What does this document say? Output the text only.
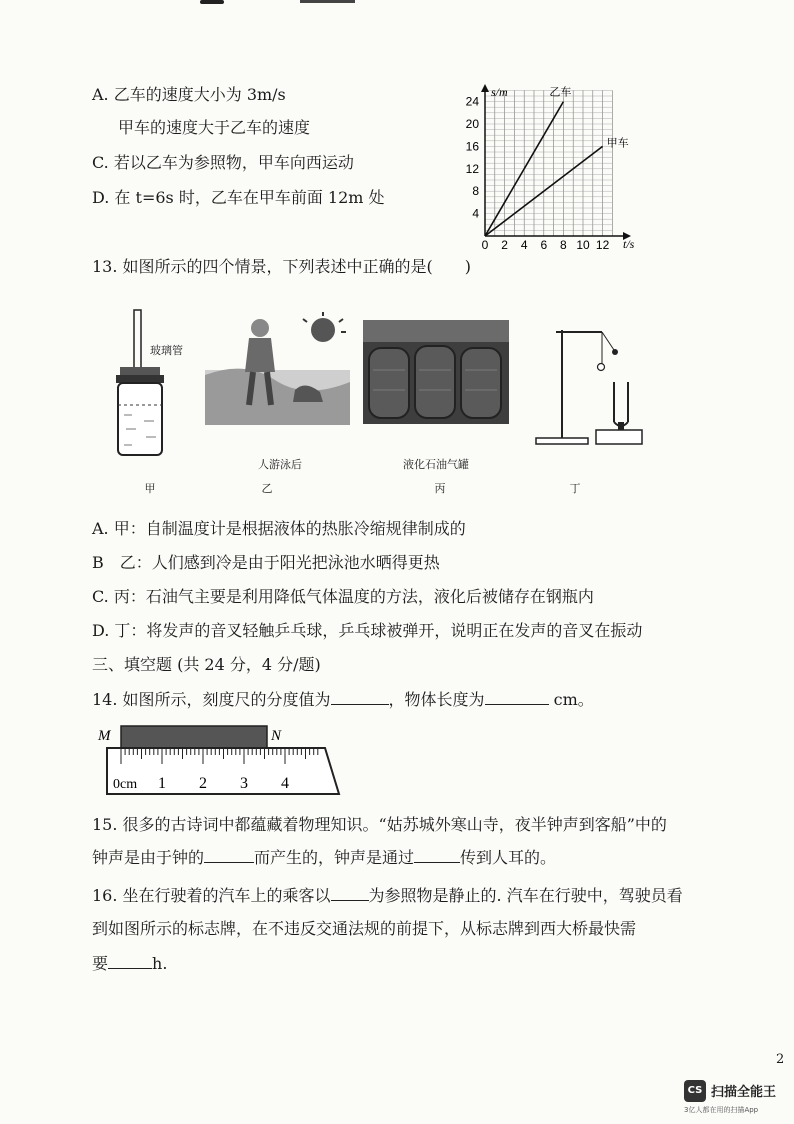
A. 乙车的速度大小为 3m/s
甲车的速度大于乙车的速度
C. 若以乙车为参照物，甲车向西运动
D. 在 t=6s 时，乙车在甲车前面 12m 处
0 2 4 6 8 10 12
4
8
12
16
20
24
乙车
甲车
t/s
s/m
13. 如图所示的四个情景，下列表述中正确的是(　　)
玻璃管
人游泳后	液化石油气罐
甲	乙	丙	丁
A. 甲：自制温度计是根据液体的热胀冷缩规律制成的
B　乙：人们感到冷是由于阳光把泳池水晒得更热
C. 丙：石油气主要是利用降低气体温度的方法，液化后被储存在钢瓶内
D. 丁：将发声的音叉轻触乒乓球，乒乓球被弹开，说明正在发声的音叉在振动
三、填空题 (共 24 分，4 分/题)
14. 如图所示，刻度尺的分度值为	，物体长度为	cm。
M	N
0cm 1 2 3 4
15. 很多的古诗词中都蕴藏着物理知识。“姑苏城外寒山寺，夜半钟声到客船”中的
钟声是由于钟的	而产生的，钟声是通过	传到人耳的。
16. 坐在行驶着的汽车上的乘客以 为参照物是静止的. 汽车在行驶中，驾驶员看
到如图所示的标志牌，在不违反交通法规的前提下，从标志牌到西大桥最快需
要	h.
2
CS 扫描全能王
3亿人都在用的扫描App
